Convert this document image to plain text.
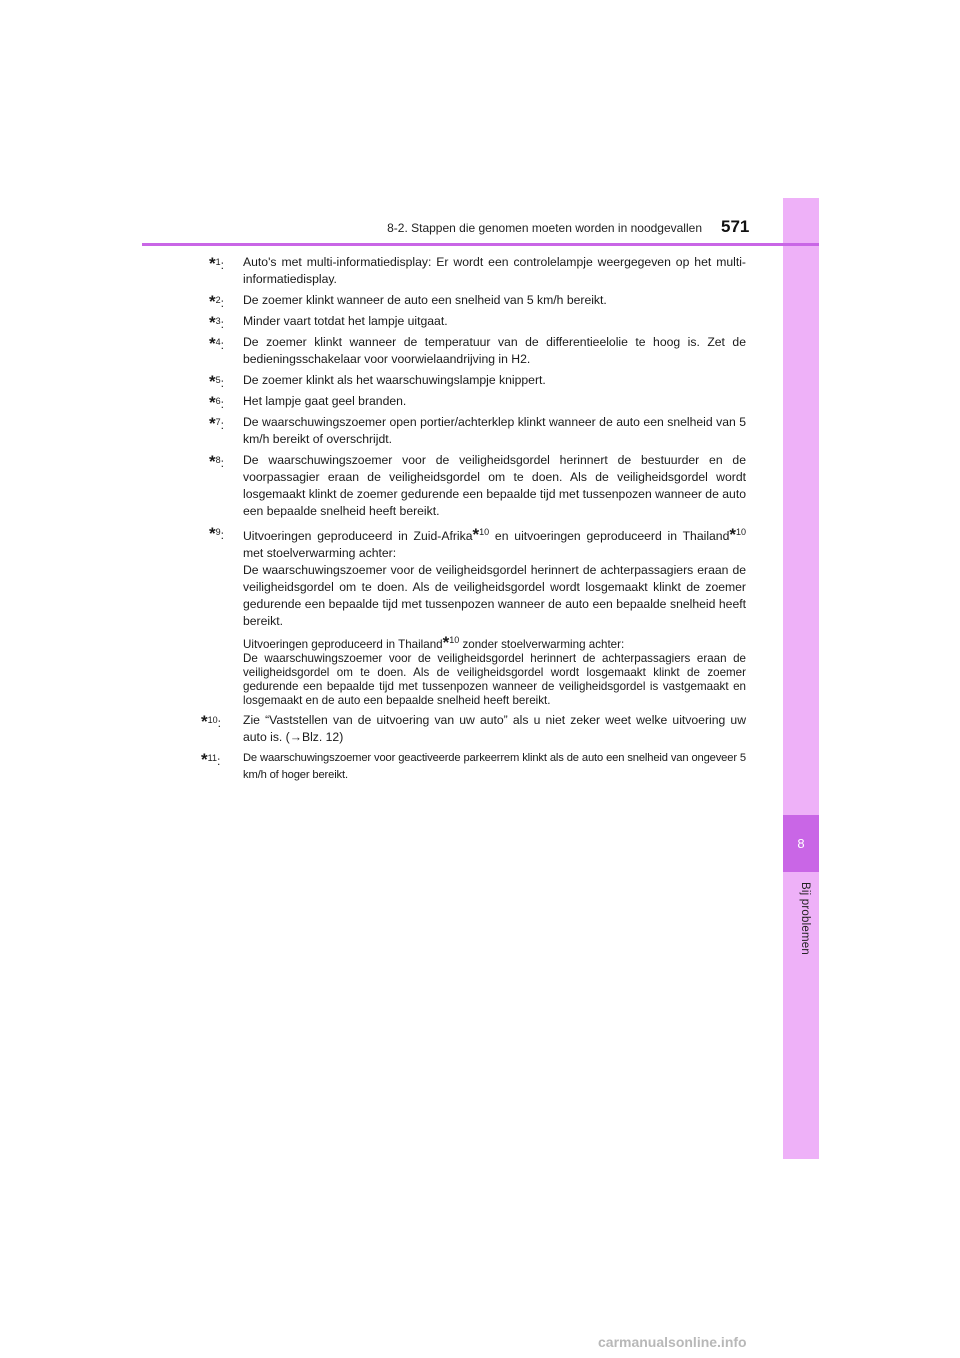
8
Bij problemen
8-2. Stappen die genomen moeten worden in noodgevallen 571
*$^1$:	Auto's met multi-informatiedisplay: Er wordt een controlelampje weergegeven op het multi-informatiedisplay.

*$^2$:	De zoemer klinkt wanneer de auto een snelheid van 5 km/h bereikt.

*$^3$:	Minder vaart totdat het lampje uitgaat.

*$^4$:	De zoemer klinkt wanneer de temperatuur van de differentieelolie te hoog is. Zet de bedieningsschakelaar voor voorwielaandrijving in H2.

*$^5$:	De zoemer klinkt als het waarschuwingslampje knippert.

*$^6$:	Het lampje gaat geel branden.

*$^7$:	De waarschuwingszoemer open portier/achterklep klinkt wanneer de auto een snelheid van 5 km/h bereikt of overschrijdt.

*$^8$:	De waarschuwingszoemer voor de veiligheidsgordel herinnert de bestuurder en de voorpassagier eraan de veiligheidsgordel om te doen. Als de veiligheidsgordel wordt losgemaakt klinkt de zoemer gedurende een bepaalde tijd met tussenpozen wanneer de auto een bepaalde snelheid heeft bereikt.

*$^9$:	Uitvoeringen geproduceerd in Zuid-Afrika*$^{10}$ en uitvoeringen geproduceerd in Thailand*$^{10}$ met stoelverwarming achter:
De waarschuwingszoemer voor de veiligheidsgordel herinnert de achterpassagiers eraan de veiligheidsgordel om te doen. Als de veiligheidsgordel wordt losgemaakt klinkt de zoemer gedurende een bepaalde tijd met tussenpozen wanneer de auto een bepaalde snelheid heeft bereikt.

Uitvoeringen geproduceerd in Thailand*$^{10}$ zonder stoelverwarming achter:
De waarschuwingszoemer voor de veiligheidsgordel herinnert de achterpassagiers eraan de veiligheidsgordel om te doen. Als de veiligheidsgordel wordt losgemaakt klinkt de zoemer gedurende een bepaalde tijd met tussenpozen wanneer de veiligheidsgordel is vastgemaakt en losgemaakt en de auto een bepaalde snelheid heeft bereikt.

*$^{10}$:	Zie “Vaststellen van de uitvoering van uw auto” als u niet zeker weet welke uitvoering uw auto is. (→Blz. 12)

*$^{11}$:	De waarschuwingszoemer voor geactiveerde parkeerrem klinkt als de auto een snelheid van ongeveer 5 km/h of hoger bereikt.

carmanualsonline.info
